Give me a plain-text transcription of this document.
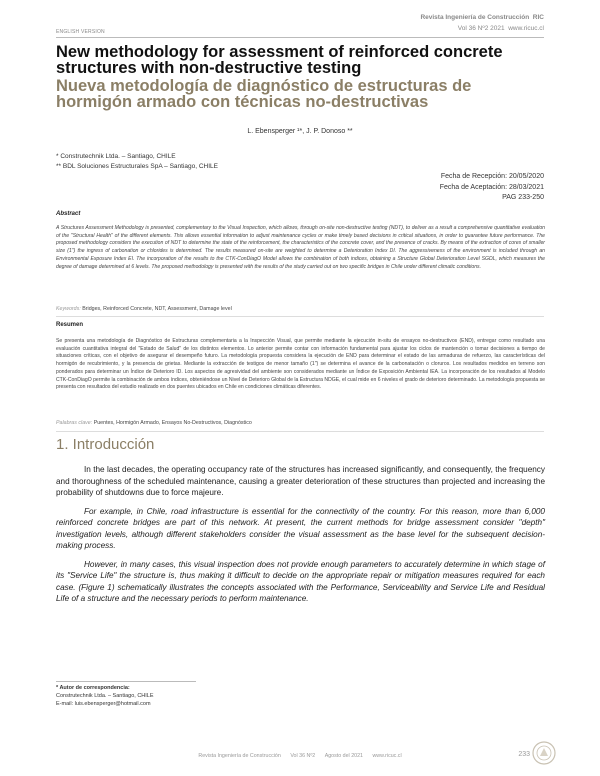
Revista Ingeniería de Construcción RIC
Vol 36 Nº2 2021 www.ricuc.cl
ENGLISH VERSION
New methodology for assessment of reinforced concrete structures with non-destructive testing
Nueva metodología de diagnóstico de estructuras de hormigón armado con técnicas no-destructivas
L. Ebensperger ¹*, J. P. Donoso **
* Construtechnik Ltda. – Santiago, CHILE
** BDL Soluciones Estructurales SpA – Santiago, CHILE
Fecha de Recepción: 20/05/2020
Fecha de Aceptación: 28/03/2021
PAG 233-250
Abstract
A Structures Assessment Methodology is presented, complementary to the Visual Inspection, which allows, through on-site non-destructive testing (NDT), to deliver as a result a comprehensive quantitative evaluation of the "Structural Health" of the different elements. This allows essential information to adjust maintenance cycles or make timely based decisions in critical situations, in order to guarantee future performance. The proposed methodology considers the execution of NDT to determine the state of the reinforcement, the characteristics of the concrete cover, and the presence of cracks. By means of the extraction of cores of smaller size (1") the ingress of carbonation or chlorides is determined. The results measured on-site are weighted to determine a Deterioration Index DI. The aggressiveness of the environment is included through an Environmental Exposure Index EI. The incorporation of the results to the CTK-ConDiagO Model allows the combination of both indices, obtaining a Structure Global Deterioration Level SGDL, which measures the degree of damage determined at 6 levels. The proposed methodology is presented with the results of the study carried out on two specific bridges in Chile under different climatic conditions.
Keywords: Bridges, Reinforced Concrete, NDT, Assessment, Damage level
Resumen
Se presenta una metodología de Diagnóstico de Estructuras complementaria a la Inspección Visual, que permite mediante la ejecución in-situ de ensayos no-destructivos (END), entregar como resultado una evaluación cuantitativa integral del "Estado de Salud" de los distintos elementos. Lo anterior permite contar con información fundamental para ajustar los ciclos de mantención o tomar decisiones a tiempo de situaciones críticas, con el objetivo de asegurar el desempeño futuro. La metodología propuesta considera la ejecución de END para determinar el estado de las armaduras de refuerzo, las características del hormigón de recubrimiento, y la presencia de grietas. Mediante la extracción de testigos de menor tamaño (1") se determina el avance de la carbonatación o cloruros. Los resultados medidos en terreno son ponderados para determinar un Índice de Deterioro ID. Los aspectos de agresividad del ambiente son considerados mediante un Índice de Exposición Ambiental IEA. La incorporación de los resultados al Modelo CTK-ConDiagO permite la combinación de ambos índices, obteniéndose un Nivel de Deterioro Global de la Estructura NDGE, el cual mide en 6 niveles el grado de deterioro determinado. La metodología propuesta se presenta con resultados del estudio realizado en dos puentes ubicados en Chile en condiciones climáticas diferentes.
Palabras clave: Puentes, Hormigón Armado, Ensayos No-Destructivos, Diagnóstico
1. Introducción

In the last decades, the operating occupancy rate of the structures has increased significantly, and consequently, the frequency and thoroughness of the scheduled maintenance, causing a greater deterioration of these structures than projected and increasing the probability of shutdowns due to force majeure.

For example, in Chile, road infrastructure is essential for the connectivity of the country. For this reason, more than 6,000 reinforced concrete bridges are part of this network. At present, the current methods for bridge assessment consider "depth" investigation levels, although different stakeholders consider the visual assessment as the base level for the subsequent decision-making process.

However, in many cases, this visual inspection does not provide enough parameters to accurately determine in which stage of its "Service Life" the structure is, thus making it difficult to decide on the appropriate repair or mitigation measures required for each case. (Figure 1) schematically illustrates the concepts associated with the Performance, Serviceability and Service Life and Residual Life of a structure and the necessary periods to perform maintenance.

* Autor de correspondencia:
Construtechnik Ltda. – Santiago, CHILE
E-mail: luis.ebensperger@hotmail.com
Revista Ingeniería de Construcción Vol 36 Nº2 Agosto del 2021 www.ricuc.cl	233
